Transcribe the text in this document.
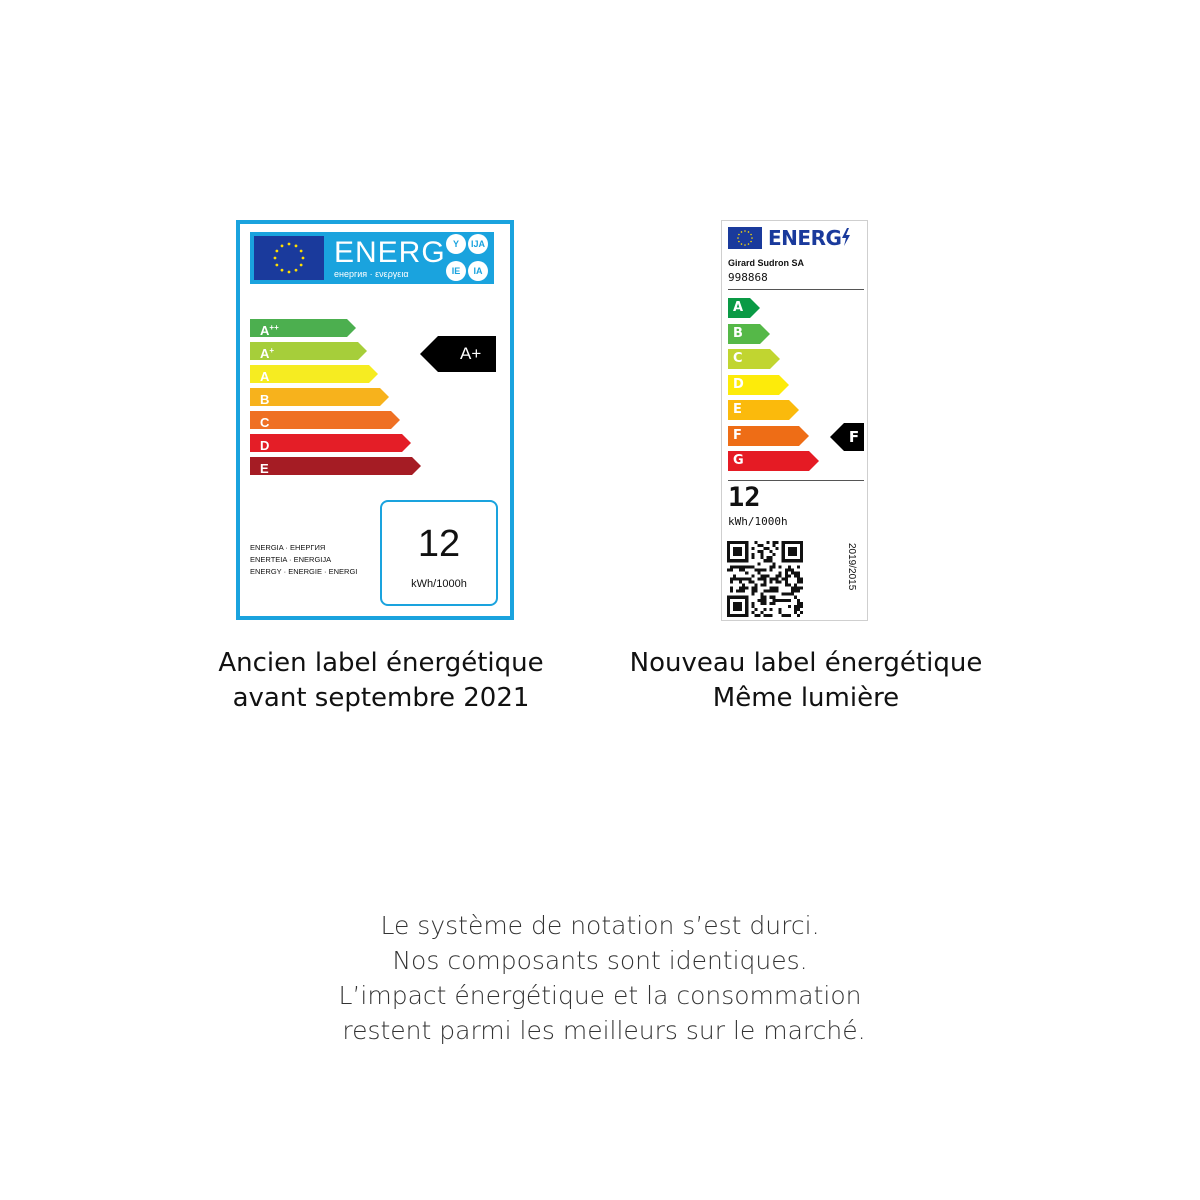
ENERG
енергия · ενεργεια
Y	IJA
IE	IA
A++
A+
A
B
C
D
E
A+
ENERGIA · ЕНЕРГИЯ
ENERTEIA · ENERGIJA
ENERGY · ENERGIE · ENERGI
12
kWh/1000h
ENERG
Girard Sudron SA
998868
A
B
C
D
E
F
G
F
12
kWh/1000h
2019/2015
Ancien label énergétique
avant septembre 2021
Nouveau label énergétique
Même lumière
Le système de notation s’est durci.
Nos composants sont identiques.
L’impact énergétique et la consommation
restent parmi les meilleurs sur le marché.
